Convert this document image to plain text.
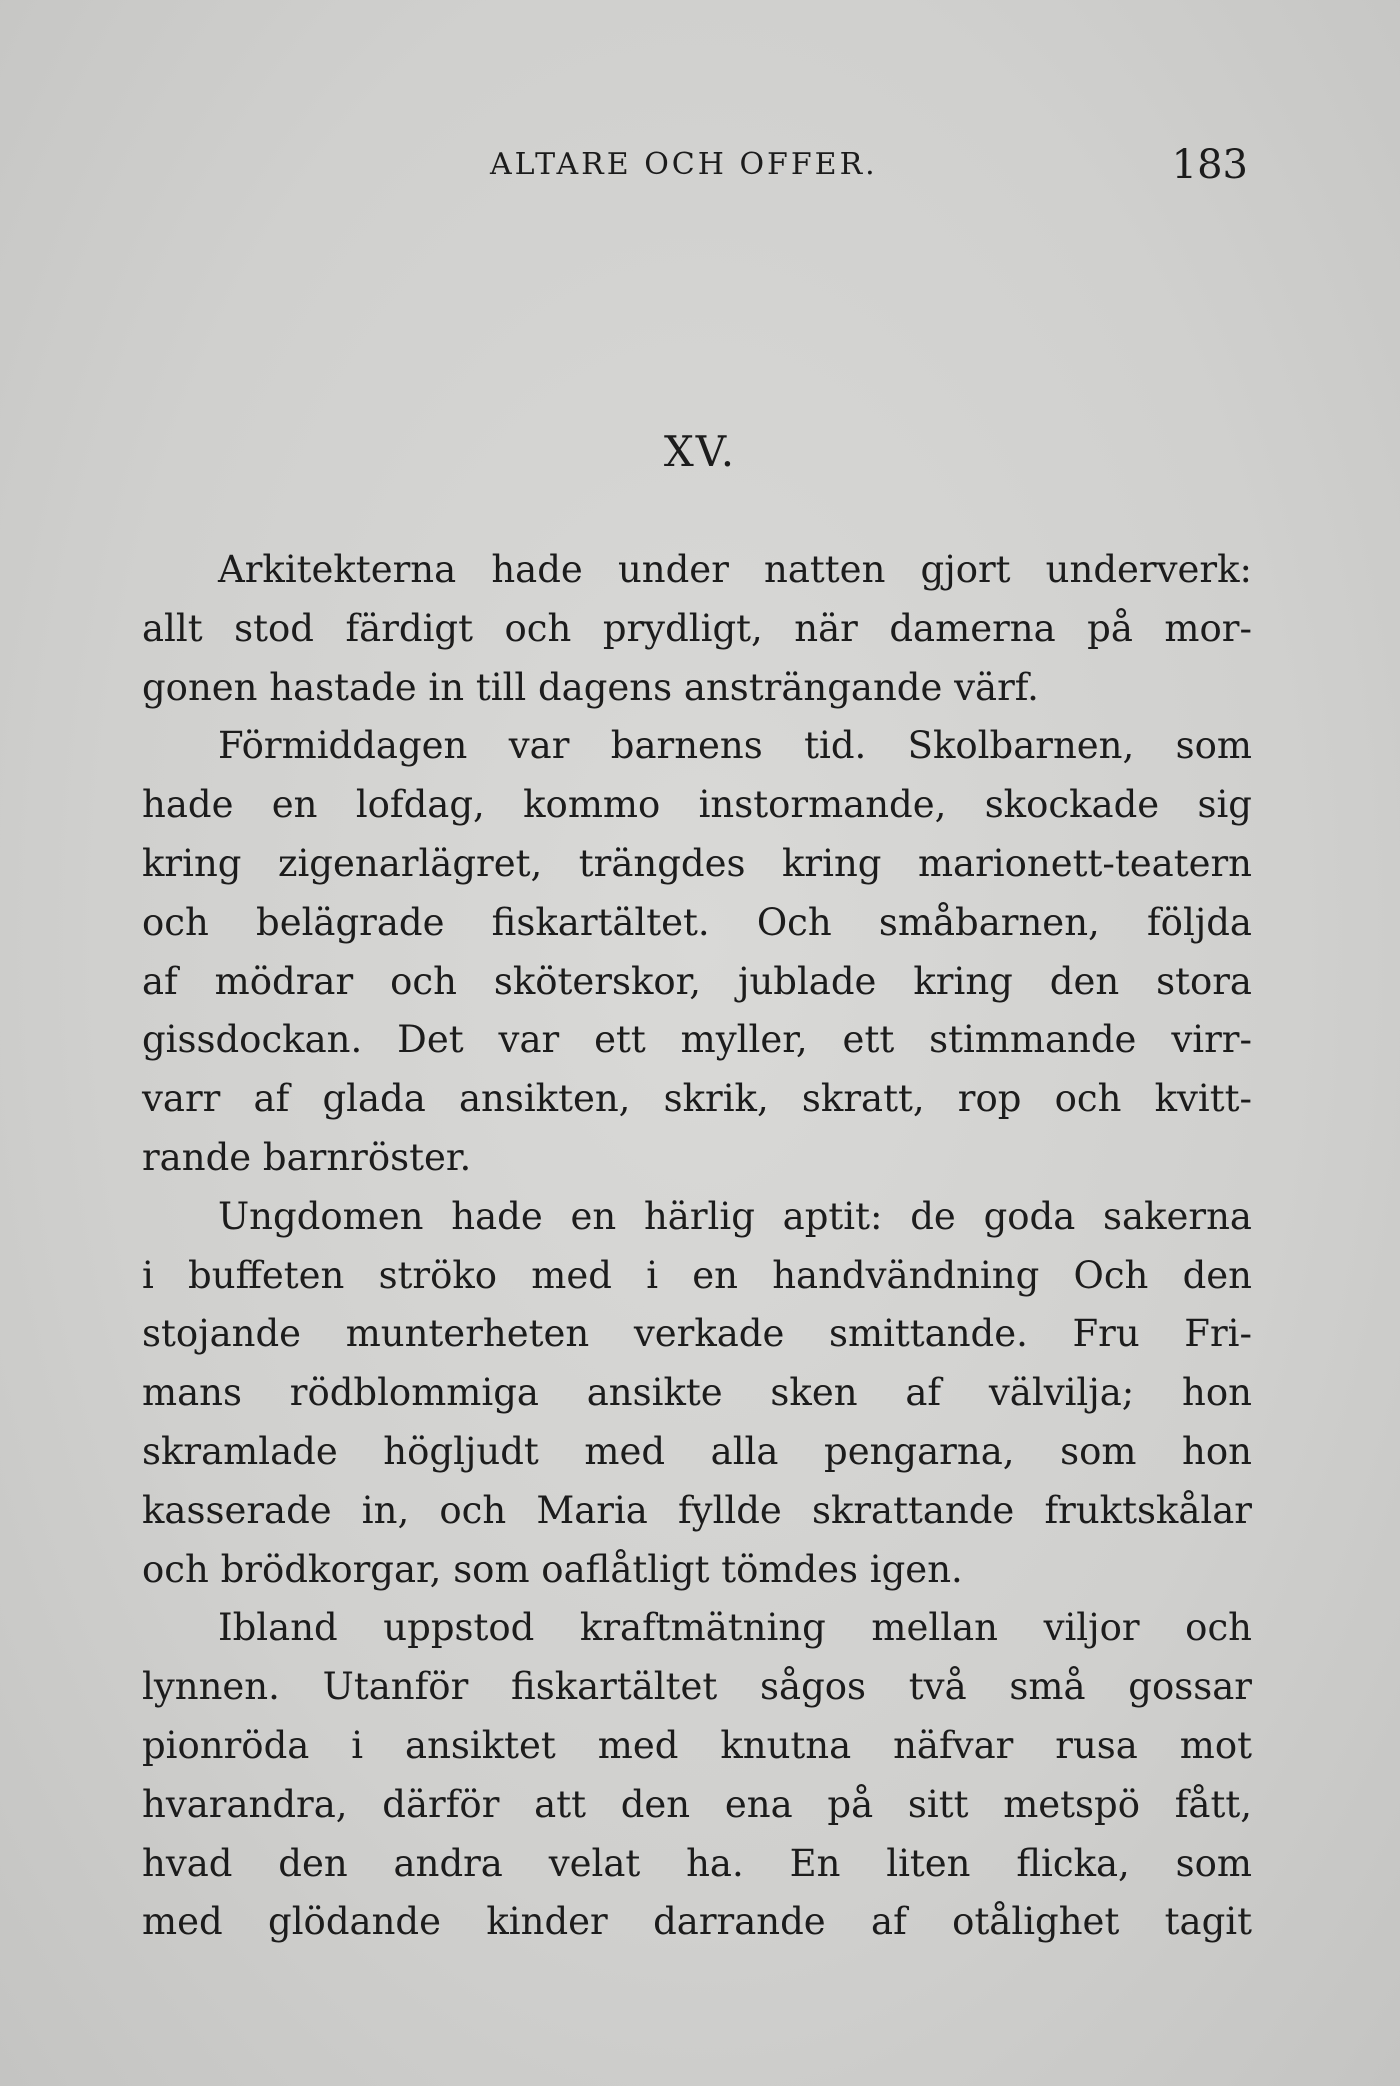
ALTARE OCH OFFER.	183
XV.
Arkitekterna hade under natten gjort underverk:
allt stod färdigt och prydligt, när damerna på mor-
gonen hastade in till dagens ansträngande värf.
Förmiddagen var barnens tid. Skolbarnen, som
hade en lofdag, kommo instormande, skockade sig
kring zigenarlägret, trängdes kring marionett-teatern
och belägrade fiskartältet. Och småbarnen, följda
af mödrar och sköterskor, jublade kring den stora
gissdockan. Det var ett myller, ett stimmande virr-
varr af glada ansikten, skrik, skratt, rop och kvitt-
rande barnröster.
Ungdomen hade en härlig aptit: de goda sakerna
i buffeten ströko med i en handvändning Och den
stojande munterheten verkade smittande. Fru Fri-
mans rödblommiga ansikte sken af välvilja; hon
skramlade högljudt med alla pengarna, som hon
kasserade in, och Maria fyllde skrattande fruktskålar
och brödkorgar, som oaflåtligt tömdes igen.
Ibland uppstod kraftmätning mellan viljor och
lynnen. Utanför fiskartältet sågos två små gossar
pionröda i ansiktet med knutna näfvar rusa mot
hvarandra, därför att den ena på sitt metspö fått,
hvad den andra velat ha. En liten flicka, som
med glödande kinder darrande af otålighet tagit
